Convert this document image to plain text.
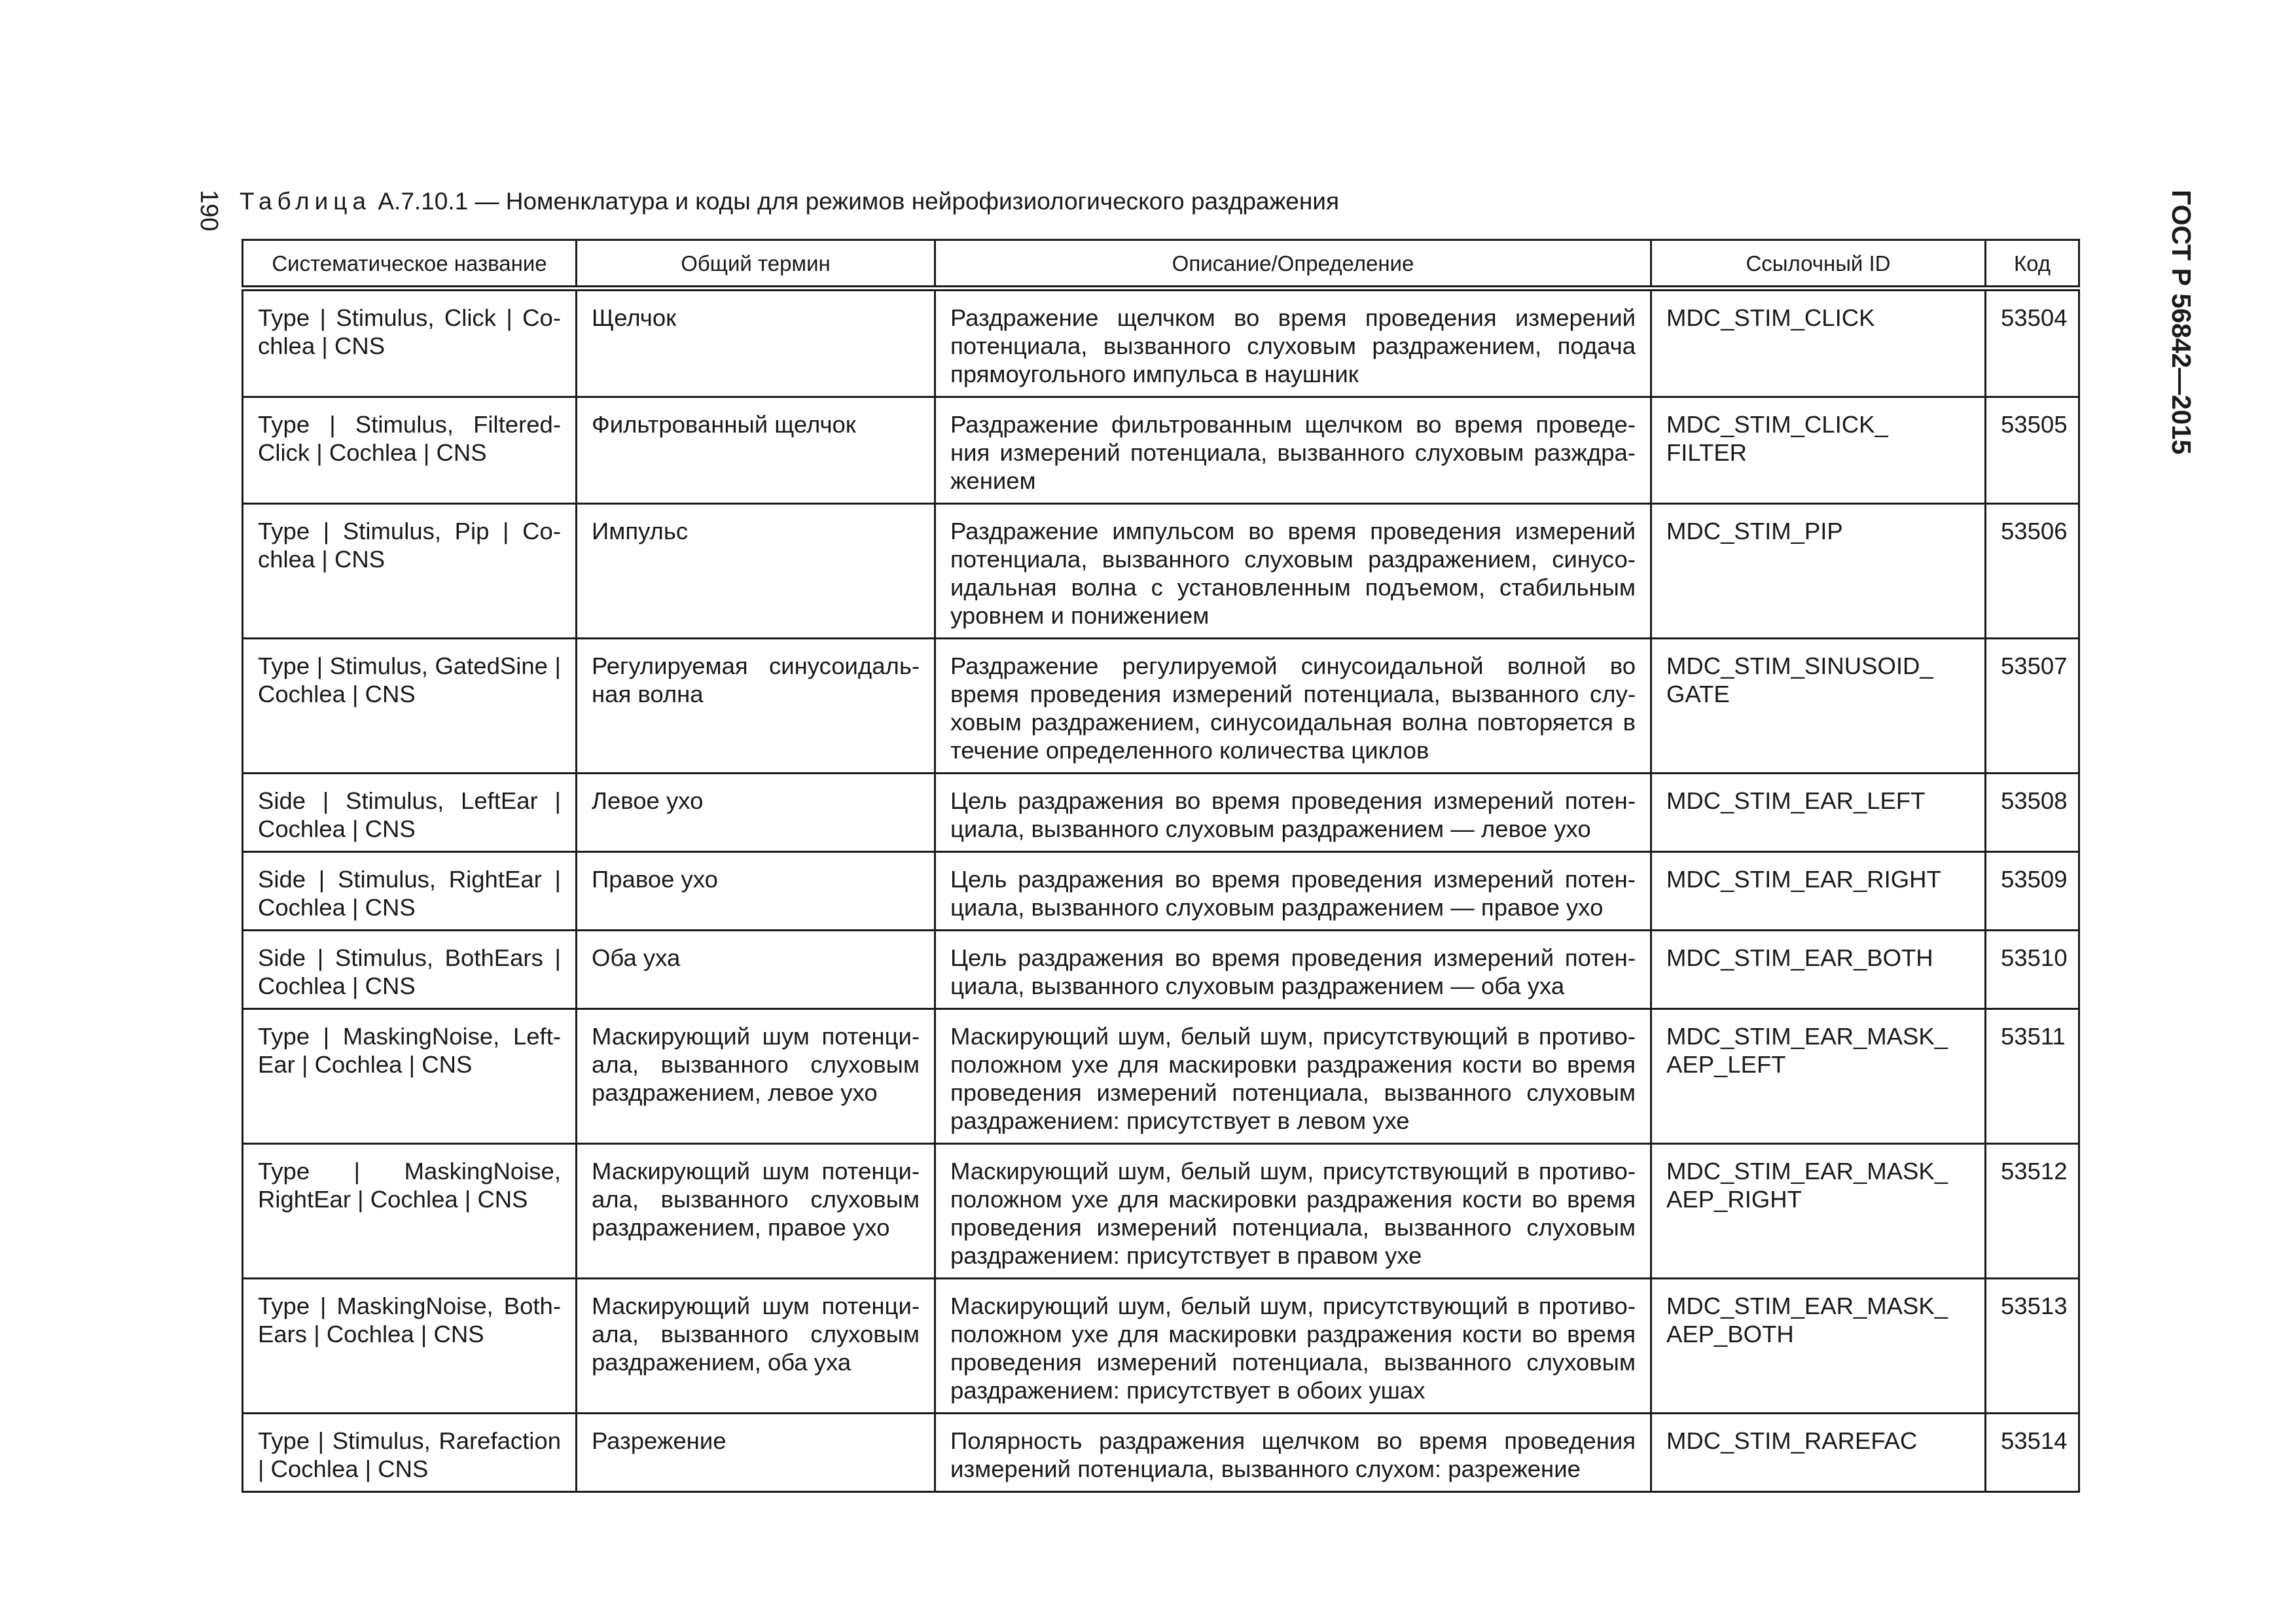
190	ГОСТ Р 56842—2015
Таблица А.7.10.1 — Номенклатура и коды для режимов нейрофизиологического раздражения
Систематическое название	Общий термин	Описание/Определение	Ссылочный ID	Код
Type | Stimulus, Click | Co-chlea | CNS	Щелчок	Раздражение щелчком во время проведения измерений потенциала, вызванного слуховым раздражением, подача прямоугольного импульса в наушник	MDC_STIM_CLICK	53504
Type | Stimulus, Filtered-Click | Cochlea | CNS	Фильтрованный щелчок	Раздражение фильтрованным щелчком во время проведе-ния измерений потенциала, вызванного слуховым разждра-жением	MDC_STIM_CLICK_ FILTER	53505
Type | Stimulus, Pip | Co-chlea | CNS	Импульс	Раздражение импульсом во время проведения измерений потенциала, вызванного слуховым раздражением, синусо-идальная волна с установленным подъемом, стабильным уровнем и понижением	MDC_STIM_PIP	53506
Type | Stimulus, GatedSine | Cochlea | CNS	Регулируемая синусоидаль-ная волна	Раздражение регулируемой синусоидальной волной во время проведения измерений потенциала, вызванного слу-ховым раздражением, синусоидальная волна повторяется в течение определенного количества циклов	MDC_STIM_SINUSOID_ GATE	53507
Side | Stimulus, LeftEar | Cochlea | CNS	Левое ухо	Цель раздражения во время проведения измерений потен-циала, вызванного слуховым раздражением — левое ухо	MDC_STIM_EAR_LEFT	53508
Side | Stimulus, RightEar | Cochlea | CNS	Правое ухо	Цель раздражения во время проведения измерений потен-циала, вызванного слуховым раздражением — правое ухо	MDC_STIM_EAR_RIGHT	53509
Side | Stimulus, BothEars | Cochlea | CNS	Оба уха	Цель раздражения во время проведения измерений потен-циала, вызванного слуховым раздражением — оба уха	MDC_STIM_EAR_BOTH	53510
Type | MaskingNoise, Left-Ear | Cochlea | CNS	Маскирующий шум потенци-ала, вызванного слуховым раздражением, левое ухо	Маскирующий шум, белый шум, присутствующий в противо-положном ухе для маскировки раздражения кости во время проведения измерений потенциала, вызванного слуховым раздражением: присутствует в левом ухе	MDC_STIM_EAR_MASK_ AEP_LEFT	53511
Type | MaskingNoise, RightEar | Cochlea | CNS	Маскирующий шум потенци-ала, вызванного слуховым раздражением, правое ухо	Маскирующий шум, белый шум, присутствующий в противо-положном ухе для маскировки раздражения кости во время проведения измерений потенциала, вызванного слуховым раздражением: присутствует в правом ухе	MDC_STIM_EAR_MASK_ AEP_RIGHT	53512
Type | MaskingNoise, Both-Ears | Cochlea | CNS	Маскирующий шум потенци-ала, вызванного слуховым раздражением, оба уха	Маскирующий шум, белый шум, присутствующий в противо-положном ухе для маскировки раздражения кости во время проведения измерений потенциала, вызванного слуховым раздражением: присутствует в обоих ушах	MDC_STIM_EAR_MASK_ AEP_BOTH	53513
Type | Stimulus, Rarefaction | Cochlea | CNS	Разрежение	Полярность раздражения щелчком во время проведения измерений потенциала, вызванного слухом: разрежение	MDC_STIM_RAREFAC	53514
